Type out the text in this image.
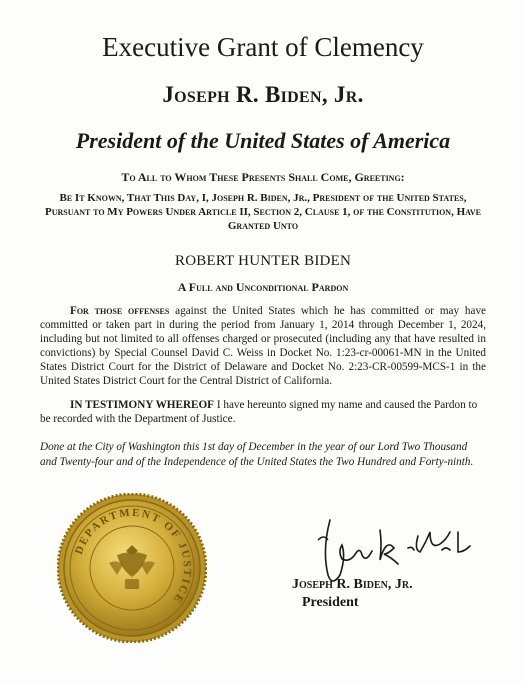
Executive Grant of Clemency
Joseph R. Biden, Jr.
President of the United States of America
To All to Whom These Presents Shall Come, Greeting:
Be It Known, That This Day, I, Joseph R. Biden, Jr., President of the United States, Pursuant to My Powers Under Article II, Section 2, Clause 1, of the Constitution, Have Granted Unto
ROBERT HUNTER BIDEN
A Full and Unconditional Pardon
For those offenses against the United States which he has committed or may have committed or taken part in during the period from January 1, 2014 through December 1, 2024, including but not limited to all offenses charged or prosecuted (including any that have resulted in convictions) by Special Counsel David C. Weiss in Docket No. 1:23-cr-00061-MN in the United States District Court for the District of Delaware and Docket No. 2:23-CR-00599-MCS-1 in the United States District Court for the Central District of California.
IN TESTIMONY WHEREOF I have hereunto signed my name and caused the Pardon to be recorded with the Department of Justice.
Done at the City of Washington this 1st day of December in the year of our Lord Two Thousand and Twenty-four and of the Independence of the United States the Two Hundred and Forty-ninth.
DEPARTMENT OF JUSTICE
Joseph R. Biden, Jr.
President
